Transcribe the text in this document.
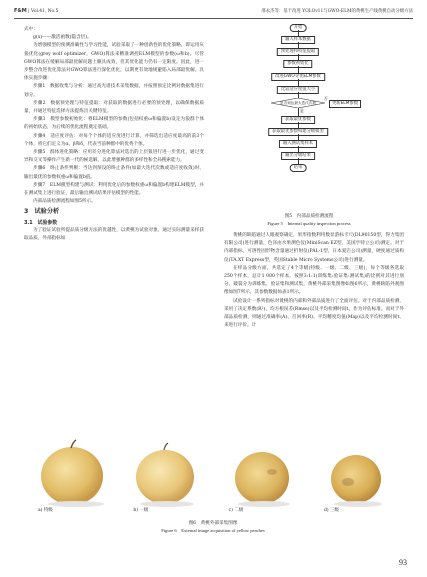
F&M | Vol.41, No.5	邢永杰等：基于改进 YOLOv11与GWO-ELM的黄桃生产线黄桃自动分级方法

式中：

g(x)——激活函数(隐含层)。

为增强模型的预测准确性与学习性能，试验采取了一种创新性的优化策略，即运用灰狼优化(grey wolf optimizer，GWO)算法来精准调控ELM模型的参数(ω和b)。尽管GWO算法在缓解局部最优解问题上颇具成效，但其优化能力仍有一定限度。因此，进一步整合改进优化算法对GWO算法进行深化优化，以期更有效地规避陷入局部最优解。具体实施步骤：

步骤1　数据收集与分析：通过高光谱技术采集数据，并按照预定比例对数据集进行划分。

步骤2　数据预处理与特征提取：对获取的数据进行必要的预处理，以确保数据质量，并通过特征选择方法提炼出关键特征。

步骤3　模型参数初始化：将ELM模型的参数(包括权重ω和偏置b)设定为狼群个体的初始状态，为后续的优化流程奠定基础。

步骤4　适应度评估：对每个个体的适应度进行计算，并筛选出适应度最高的前3个个体，将它们定义为α、β和δ，代表当前种群中的优秀个体。

步骤5　群体进化策略：应用差分进化算法对选出的上层狼进行进一步优化，通过变异和交叉等操作产生新一代的候选解，以此增强种群的多样性和全局搜索能力。

步骤6　终止条件判断：当达到预设的终止条件(如最大迭代次数或适应度收敛)时，输出最优的参数权重ω和偏置b值。

步骤7　ELM模型构建与测试：利用优化后的参数权重ω和偏置b构建ELM模型，并在测试集上进行验证，最后输出测试结果评估模型的性能。

内部品质检测流程如图5所示。

3　试验分析
3.1　试验参数

为了验证试验所提品质分级方法的优越性，以黄桃为试验对象，通过实际测量采样获取品质，外部指标如

开始
输入样本数据
预处理和特征提取
参数初始化
改进GWO寻优ELM参数
比较适应度值大小
是否到达最大迭代次数	更新ELM参数
否
是
获取最优参数
获取最优参数构建分级模型
输入测试集样本
输出分级结果
结束
图5　内部品质检测流程
Figure 5　Internal quality inspection process

黄桃的缺陷通过人眼观察确定，果形指数利用数显游标卡尺(DL90150型，得力集团有限公司)进行测量，色泽由水果测色仪(MiniScan EZ型，美国亨特立公司)测定。对于内部指标，可溶性固形物含量通过折射仪(PAL-1型，日本爱宕公司)测量，硬度通过质构仪(TA.XT Express型，英国Stable Micro Systems公司)进行测量。

在样品分级方面，共选定了4个等级(特级、一级、二级、三级)，每个等级各选取250个样本，总计1 000个样本。按照3:1:1(训练集:验证集:测试集)的比例对其进行划分，破裂分为训练集、验证集和测试集，黄桃外部采集图像如图6所示，黄桃缺陷外观图像如图7所示，其参数数据如表1所示。

试验设计一系列指标对黄桃的内部和外部品质进行了全面评估。对于内部品质检测，采用了决定系数(R²)、均方根误差(Rmse)以及平均检测时间t，作为评估标准。而对于外部品质检测，则通过准确率(A)、召回率(R)、平均精度均值(Map)以及平均检测时间t，来进行评价。计

a) 特级	b) 一级	c) 二级	d) 三级
图6　黄桃外部采集图像
Figure 6　External image acquisition of yellow peaches
93
